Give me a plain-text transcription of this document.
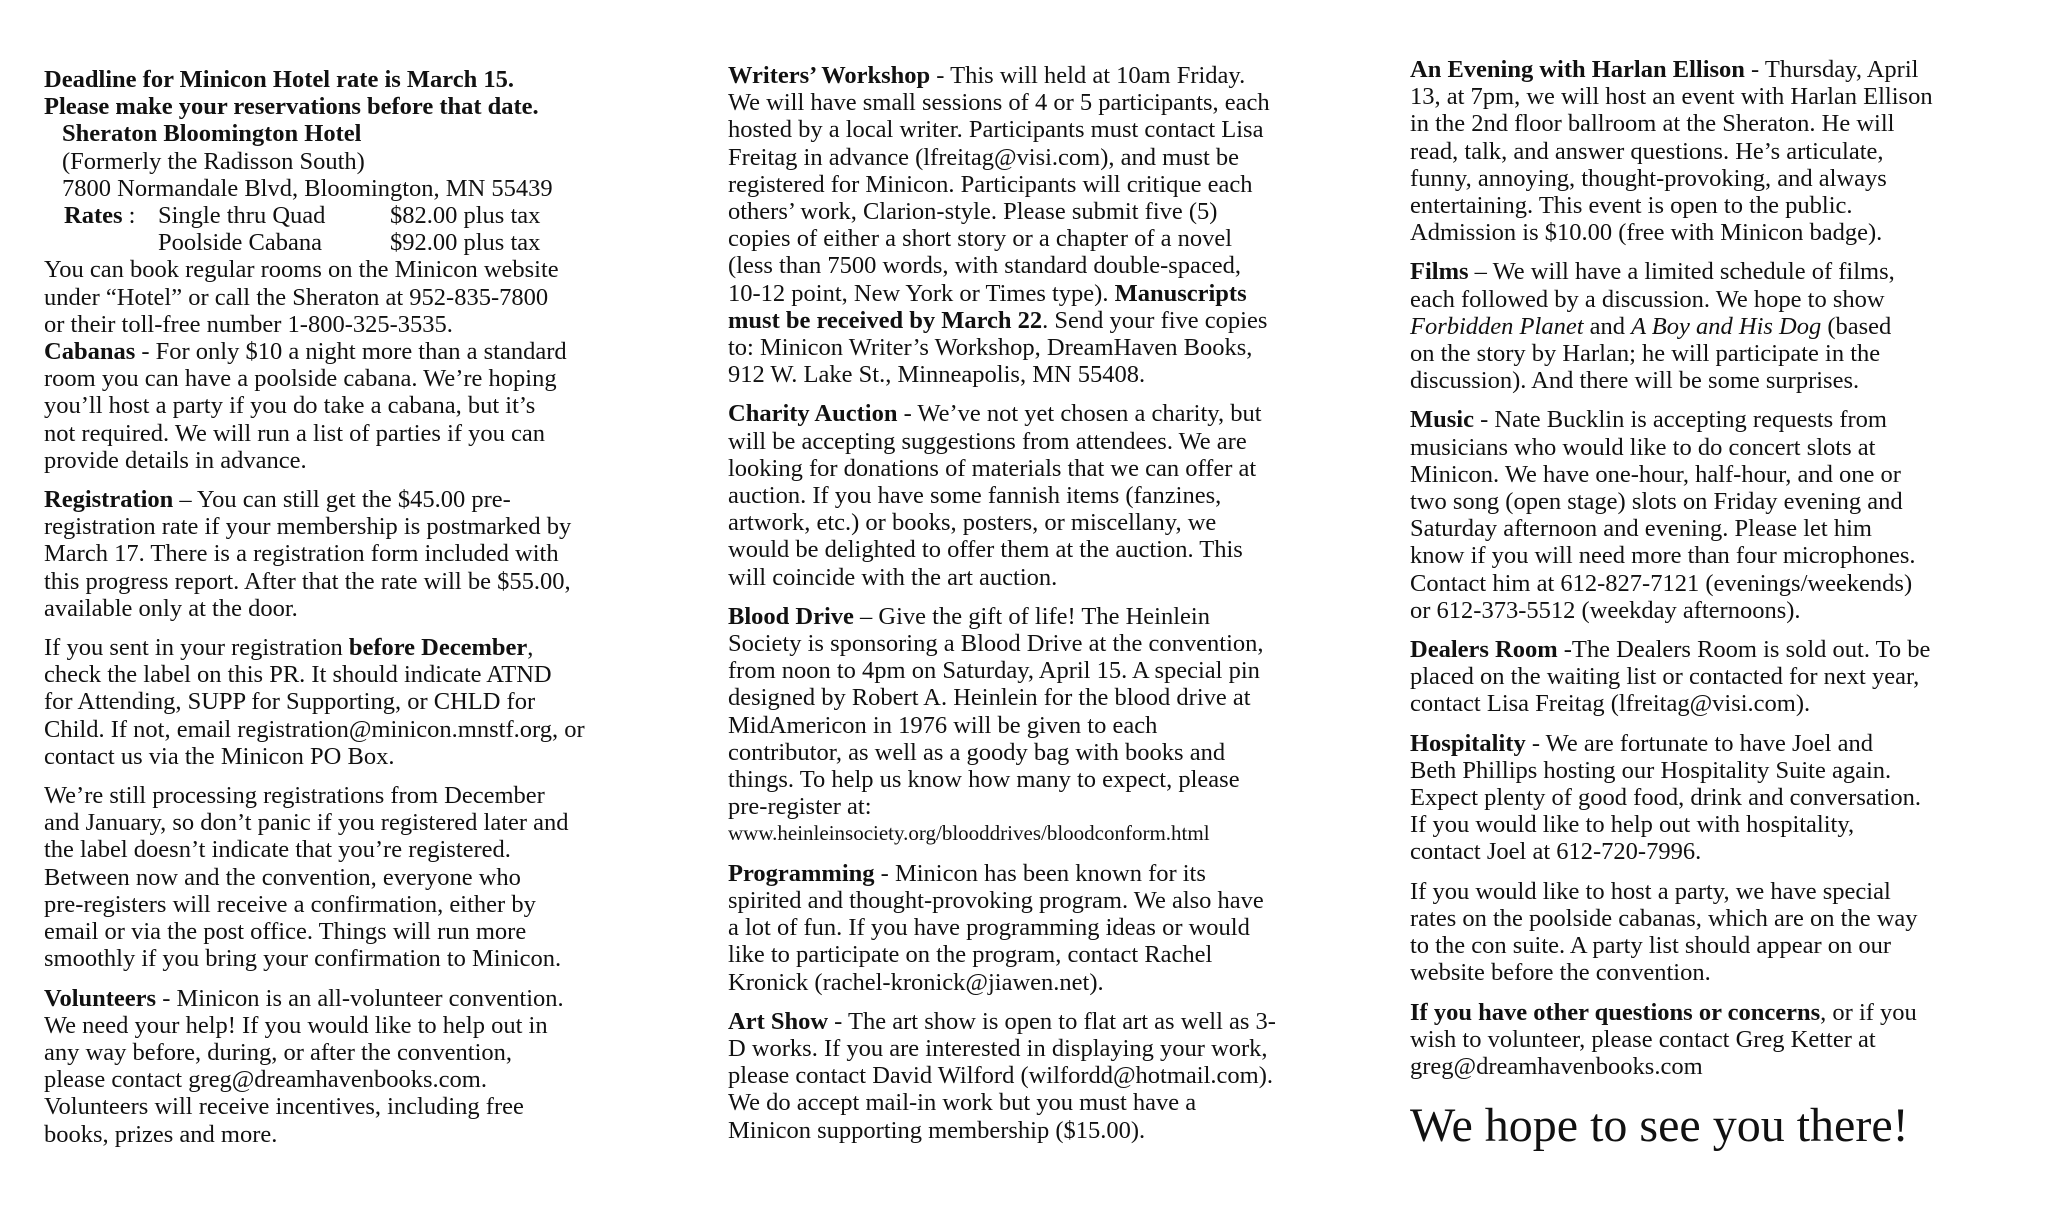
Deadline for Minicon Hotel rate is March 15.
Please make your reservations before that date.
Sheraton Bloomington Hotel
(Formerly the Radisson South)
7800 Normandale Blvd, Bloomington, MN 55439
Rates : Single thru Quad	$82.00 plus tax
Poolside Cabana	$92.00 plus tax
You can book regular rooms on the Minicon website
under “Hotel” or call the Sheraton at 952-835-7800
or their toll-free number 1-800-325-3535.
Cabanas - For only $10 a night more than a standard
room you can have a poolside cabana. We’re hoping
you’ll host a party if you do take a cabana, but it’s
not required. We will run a list of parties if you can
provide details in advance.
Registration – You can still get the $45.00 pre-
registration rate if your membership is postmarked by
March 17. There is a registration form included with
this progress report. After that the rate will be $55.00,
available only at the door.
If you sent in your registration before December,
check the label on this PR. It should indicate ATND
for Attending, SUPP for Supporting, or CHLD for
Child. If not, email registration@minicon.mnstf.org, or
contact us via the Minicon PO Box.
We’re still processing registrations from December
and January, so don’t panic if you registered later and
the label doesn’t indicate that you’re registered.
Between now and the convention, everyone who
pre-registers will receive a confirmation, either by
email or via the post office. Things will run more
smoothly if you bring your confirmation to Minicon.
Volunteers - Minicon is an all-volunteer convention.
We need your help! If you would like to help out in
any way before, during, or after the convention,
please contact greg@dreamhavenbooks.com.
Volunteers will receive incentives, including free
books, prizes and more.
Writers’ Workshop - This will held at 10am Friday.
We will have small sessions of 4 or 5 participants, each
hosted by a local writer. Participants must contact Lisa
Freitag in advance (lfreitag@visi.com), and must be
registered for Minicon. Participants will critique each
others’ work, Clarion-style. Please submit five (5)
copies of either a short story or a chapter of a novel
(less than 7500 words, with standard double-spaced,
10-12 point, New York or Times type). Manuscripts
must be received by March 22. Send your five copies
to: Minicon Writer’s Workshop, DreamHaven Books,
912 W. Lake St., Minneapolis, MN 55408.
Charity Auction - We’ve not yet chosen a charity, but
will be accepting suggestions from attendees. We are
looking for donations of materials that we can offer at
auction. If you have some fannish items (fanzines,
artwork, etc.) or books, posters, or miscellany, we
would be delighted to offer them at the auction. This
will coincide with the art auction.
Blood Drive – Give the gift of life! The Heinlein
Society is sponsoring a Blood Drive at the convention,
from noon to 4pm on Saturday, April 15. A special pin
designed by Robert A. Heinlein for the blood drive at
MidAmericon in 1976 will be given to each
contributor, as well as a goody bag with books and
things. To help us know how many to expect, please
pre-register at:
www.heinleinsociety.org/blooddrives/bloodconform.html
Programming - Minicon has been known for its
spirited and thought-provoking program. We also have
a lot of fun. If you have programming ideas or would
like to participate on the program, contact Rachel
Kronick (rachel-kronick@jiawen.net).
Art Show - The art show is open to flat art as well as 3-
D works. If you are interested in displaying your work,
please contact David Wilford (wilfordd@hotmail.com).
We do accept mail-in work but you must have a
Minicon supporting membership ($15.00).
An Evening with Harlan Ellison - Thursday, April
13, at 7pm, we will host an event with Harlan Ellison
in the 2nd floor ballroom at the Sheraton. He will
read, talk, and answer questions. He’s articulate,
funny, annoying, thought-provoking, and always
entertaining. This event is open to the public.
Admission is $10.00 (free with Minicon badge).
Films – We will have a limited schedule of films,
each followed by a discussion. We hope to show
Forbidden Planet and A Boy and His Dog (based
on the story by Harlan; he will participate in the
discussion). And there will be some surprises.
Music - Nate Bucklin is accepting requests from
musicians who would like to do concert slots at
Minicon. We have one-hour, half-hour, and one or
two song (open stage) slots on Friday evening and
Saturday afternoon and evening. Please let him
know if you will need more than four microphones.
Contact him at 612-827-7121 (evenings/weekends)
or 612-373-5512 (weekday afternoons).
Dealers Room -The Dealers Room is sold out. To be
placed on the waiting list or contacted for next year,
contact Lisa Freitag (lfreitag@visi.com).
Hospitality - We are fortunate to have Joel and
Beth Phillips hosting our Hospitality Suite again.
Expect plenty of good food, drink and conversation.
If you would like to help out with hospitality,
contact Joel at 612-720-7996.
If you would like to host a party, we have special
rates on the poolside cabanas, which are on the way
to the con suite. A party list should appear on our
website before the convention.
If you have other questions or concerns, or if you
wish to volunteer, please contact Greg Ketter at
greg@dreamhavenbooks.com
We hope to see you there!
